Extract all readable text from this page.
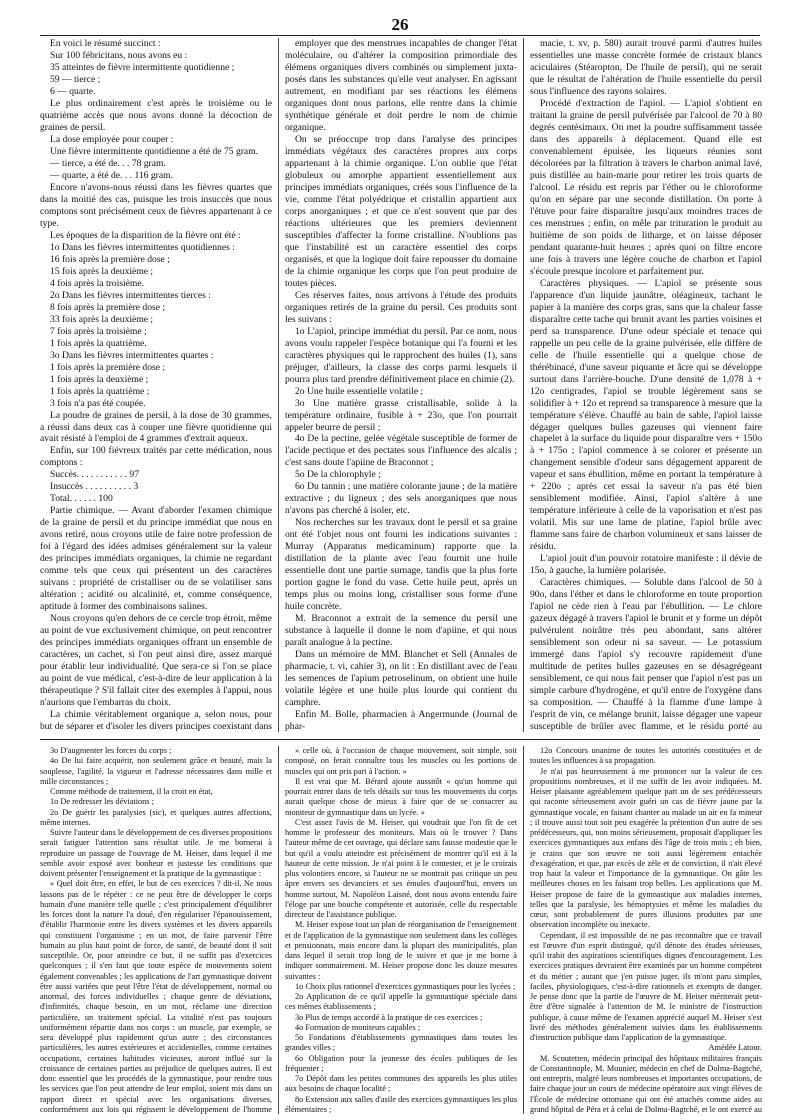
26

En voici le résumé succinct :

Sur 100 fébricitans, nous avons eu :

35 atteintes de fièvre intermittente quotidienne ;

59 — tierce ;

6 — quarte.

Le plus ordinairement c'est après le troisième ou le quatrième accès que nous avons donné la décoction de graines de persil.

La dose employée pour couper :

Une fièvre intermittente quotidienne a été de 75 gram.

— tierce, a été de. . . 78 gram.

— quarte, a été de. . . 116 gram.

Encore n'avons-nous réussi dans les fièvres quartes que dans la moitié des cas, puisque les trois insuccès que nous comptons sont précisément ceux de fièvres appartenant à ce type.

Les époques de la disparition de la fièvre ont été :

1o Dans les fièvres intermittentes quotidiennes :

16 fois après la première dose ;

15 fois après la deuxième ;

4 fois après la troisième.

2o Dans les fièvres intermittentes tierces :

8 fois après la première dose ;

33 fois après la deuxième ;

7 fois après la troisième ;

1 fois après la quatrième.

3o Dans les fièvres intermittentes quartes :

1 fois après la première dose ;

1 fois après la deuxième ;

1 fois après la quatrième ;

3 fois n'a pas été coupée.

La poudre de graines de persil, à la dose de 30 grammes, a réussi dans deux cas à couper une fièvre quotidienne qui avait résisté à l'emploi de 4 grammes d'extrait aqueux.

Enfin, sur 100 fiévreux traités par cette médication, nous comptons :

Succès. . . . . . . . . . . 97

Insuccès . . . . . . . . . . 3

Total. . . . . . 100

Partie chimique. — Avant d'aborder l'examen chimique de la graine de persil et du principe immédiat que nous en avons retiré, nous croyons utile de faire notre profession de foi à l'égard des idées admises généralement sur la valeur des principes immédiats organiques, la chimie ne regardant comme tels que ceux qui présentent un des caractères suivans : propriété de cristalliser ou de se volatiliser sans altération ; acidité ou alcalinité, et, comme conséquence, aptitude à former des combinaisons salines.

Nous croyons qu'en dehors de ce cercle trop étroit, même au point de vue exclusivement chimique, on peut rencontrer des principes immédiats organiques offrant un ensemble de caractères, un cachet, si l'on peut ainsi dire, assez marqué pour établir leur individualité. Que sera-ce si l'on se place au point de vue médical, c'est-à-dire de leur application à la thérapeutique ? S'il fallait citer des exemples à l'appui, nous n'aurions que l'embarras du choix.

La chimie véritablement organique a, selon nous, pour but de séparer et d'isoler les divers principes coexistant dans

employer que des menstrues incapables de changer l'état moléculaire, ou d'altérer la composition primordiale des élémens organiques divers combinés ou simplement juxta-posés dans les substances qu'elle veut analyser. En agissant autrement, en modifiant par ses réactions les élémens organiques dont nous parlons, elle rentre dans la chimie synthétique générale et doit perdre le nom de chimie organique.

On se préoccupe trop dans l'analyse des principes immédiats végétaux des caractères propres aux corps appartenant à la chimie organique. L'on oublie que l'état globuleux ou amorphe appartient essentiellement aux principes immédiats organiques, créés sous l'influence de la vie, comme l'état polyédrique et cristallin appartient aux corps anorganiques ; et que ce n'est souvent que par des réactions ultérieures que les premiers deviennent susceptibles d'affecter la forme cristalline. N'oublions pas que l'instabilité est un caractère essentiel des corps organisés, et que la logique doit faire repousser du domaine de la chimie organique les corps que l'on peut produire de toutes pièces.

Ces réserves faites, nous arrivons à l'étude des produits organiques retirés de la graine du persil. Ces produits sont les suivans :

1o L'apiol, principe immédiat du persil. Par ce nom, nous avons voulu rappeler l'espèce botanique qui l'a fourni et les caractères physiques qui le rapprochent des huiles (1), sans préjuger, d'ailleurs, la classe des corps parmi lesquels il pourra plus tard prendre définitivement place en chimie (2).

2o Une huile essentielle volatile ;

3o Une matière grasse cristallisable, solide à la température ordinaire, fusible à + 23o, que l'on pourrait appeler beurre de persil ;

4o De la pectine, gelée végétale susceptible de former de l'acide pectique et des pectates sous l'influence des alcalis ; c'est sans doute l'apiine de Braconnot ;

5o De la chlorophyle ;

6o Du tannin ; une matière colorante jaune ; de la matière extractive ; du ligneux ; des sels anorganiques que nous n'avons pas cherché à isoler, etc.

Nos recherches sur les travaux dont le persil et sa graine ont été l'objet nous ont fourni les indications suivantes : Murray (Apparatus medicaminum) rapporte que la distillation de la plante avec l'eau fournit une huile essentielle dont une partie surnage, tandis que la plus forte portion gagne le fond du vase. Cette huile peut, après un temps plus ou moins long, cristalliser sous forme d'une huile concrète.

M. Braconnot a extrait de la semence du persil une substance à laquelle il donne le nom d'apiine, et qui nous paraît analogue à la pectine.

Dans un mémoire de MM. Blanchet et Sell (Annales de pharmacie, t. vi, cahier 3), on lit : En distillant avec de l'eau les semences de l'apium petroselinum, on obtient une huile volatile légère et une huile plus lourde qui contient du camphre.

Enfin M. Bolle, pharmacien à Angermunde (Journal de phar-

macie, t. xv, p. 580) aurait trouvé parmi d'autres huiles essentielles une masse concrète formée de cristaux blancs aciculaires (Stéaropton, De l'huile de persil), qui ne serait que le résultat de l'altération de l'huile essentielle du persil sous l'influence des rayons solaires.

Procédé d'extraction de l'apiol. — L'apiol s'obtient en traitant la graine de persil pulvérisée par l'alcool de 70 à 80 degrés centésimaux. On met la poudre suffisamment tassée dans des appareils à déplacement. Quand elle est convenablement épuisée, les liqueurs réunies sont décolorées par la filtration à travers le charbon animal lavé, puis distillée au bain-marie pour retirer les trois quarts de l'alcool. Le résidu est repris par l'éther ou le chloroforme qu'on en sépare par une seconde distillation. On porte à l'étuve pour faire disparaître jusqu'aux moindres traces de ces menstrues ; enfin, on mêle par trituration le produit au huitième de son poids de litharge, et on laisse déposer pendant quarante-huit heures ; après quoi on filtre encore une fois à travers une légère couche de charbon et l'apiol s'écoule presque incolore et parfaitement pur.

Caractères physiques. — L'apiol se présente sous l'apparence d'un liquide jaunâtre, oléagineux, tachant le papier à la manière des corps gras, sans que la chaleur fasse disparaître cette tache qui brunit avant les parties voisines et perd sa transparence. D'une odeur spéciale et tenace qui rappelle un peu celle de la graine pulvérisée, elle diffère de celle de l'huile essentielle qui a quelque chose de thérébinacé, d'une saveur piquante et âcre qui se développe surtout dans l'arrière-bouche. D'une densité de 1,078 à + 12o centigrades, l'apiol se trouble légèrement sans se solidifier à + 12o et reprend sa transparence à mesure que la température s'élève. Chauffé au bain de sable, l'apiol laisse dégager quelques bulles gazeuses qui viennent faire chapelet à la surface du liquide pour disparaître vers + 150o à + 175o ; l'apiol commence à se colorer et présente un changement sensible d'odeur sans dégagement apparent de vapeur et sans ébullition, même en portant la température à + 220o ; après cet essai la saveur n'a pas été bien sensiblement modifiée. Ainsi, l'apiol s'altère à une température inférieure à celle de la vaporisation et n'est pas volatil. Mis sur une lame de platine, l'apiol brûle avec flamme sans faire de charbon volumineux et sans laisser de résidu.

L'apiol jouit d'un pouvoir rotatoire manifeste : il dévie de 15o, à gauche, la lumière polarisée.

Caractères chimiques. — Soluble dans l'alcool de 50 à 90o, dans l'éther et dans le chloroforme en toute proportion l'apiol ne cède rien à l'eau par l'ébullition. — Le chlore gazeux dégagé à travers l'apiol le brunit et y forme un dépôt pulvérulent noirâtre très peu abondant, sans altérer sensiblement son odeur ni sa saveur. — Le potassium immergé dans l'apiol s'y recouvre rapidement d'une multitude de petites bulles gazeuses en se désagrégeant sensiblement, ce qui nous fait penser que l'apiol n'est pas un simple carbure d'hydrogène, et qu'il entre de l'oxygène dans sa composition. — Chauffé à la flamme d'une lampe à l'esprit de vin, ce mélange brunit, laisse dégager une vapeur susceptible de brûler avec flamme, et le résidu porté au

3o D'augmenter les forces du corps ;

4o De lui faire acquérir, non seulement grâce et beauté, mais la souplesse, l'agilité, la vigueur et l'adresse nécessaires dans mille et mille circonstances ;

Comme méthode de traitement, il la croit en état,

1o De redresser les déviations ;

2o De guérir les paralysies (sic), et quelques autres affections, même internes.

Suivre l'auteur dans le développement de ces diverses propositions serait fatiguer l'attention sans résultat utile. Je me bornerai à reproduire un passage de l'ouvrage de M. Heiser, dans lequel il me semble avoir exposé avec bonheur et justesse les conditions que doivent présenter l'enseignement et la pratique de la gymnastique :

« Quel doit être, en effet, le but de ces exercices ? dit-il. Ne nous lassons pas de le répéter : ce ne peut être de développer le corps humain d'une manière telle quelle ; c'est principalement d'équilibrer les forces dont la nature l'a doué, d'en régulariser l'épanouissement, d'établir l'harmonie entre les divers systèmes et les divers appareils qui constituent l'organisme ; en un mot, de faire parvenir l'être humain au plus haut point de force, de santé, de beauté dont il soit susceptible. Or, pour atteindre ce but, il ne suffit pas d'exercices quelconques ; il s'en faut que toute espèce de mouvements soient également convenables ; les applications de l'art gymnastique doivent être aussi variées que peut l'être l'état de développement, normal ou anormal, des forces individuelles ; chaque genre de déviations, d'infirmités, chaque besoin, en un mot, réclame une direction particulière, un traitement spécial. La vitalité n'est pas toujours uniformément répartie dans nos corps : un muscle, par exemple, se sera développé plus rapidement qu'un autre ; des circonstances particulières, les autres extérieures et accidentelles, comme certaines occupations, certaines habitudes vicieuses, auront influé sur la croissance de certaines parties au préjudice de quelques autres. Il est donc essentiel que les procédés de la gymnastique, pour rendre tous les services que l'on peut attendre de leur emploi, soient mis dans un rapport direct et spécial avec les organisations diverses, conformément aux lois qui régissent le développement de l'homme

» celle où, à l'occasion de chaque mouvement, soit simple, soit composé, on ferait connaître tous les muscles ou les portions de muscles qui ont pris part à l'action. »

Il est vrai que M. Bérard ajoute aussitôt « qu'un homme qui pourrait entrer dans de tels détails sur tous les mouvements du corps aurait quelque chose de mieux à faire que de se consacrer au moniteur de gymnastique dans un lycée. »

C'est assez l'avis de M. Heiser, qui voudrait que l'on fît de cet homme le professeur des moniteurs. Mais où le trouver ? Dans l'auteur même de cet ouvrage, qui déclare sans fausse modestie que le but qu'il a voulu atteindre est précisément de montrer qu'il est à la hauteur de cette mission. Je n'ai point à le contester, et je le croirais plus volontiers encore, si l'auteur ne se montrait pas critique un peu âpre envers ses devanciers et ses émules d'aujourd'hui, envers un homme surtout, M. Napoléon Laisné, dont nous avons entendu faire l'éloge par une bouche compétente et autorisée, celle du respectable directeur de l'assistance publique.

M. Heiser expose tout un plan de réorganisation de l'enseignement et de l'application de la gymnastique non seulement dans les collèges et pensionnats, mais encore dans la plupart des municipalités, plan dans lequel il serait trop long de le suivre et que je me borne à indiquer sommairement. M. Heiser propose donc les douze mesures suivantes :

1o Choix plus rationnel d'exercices gymnastiques pour les lycées ;

2o Application de ce qu'il appelle la gymnastique spéciale dans ces mêmes établissements ;

3o Plus de temps accordé à la pratique de ces exercices ;

4o Formation de moniteurs capables ;

5o Fondations d'établissements gymnastiques dans toutes les grandes villes ;

6o Obligation pour la jeunesse des écoles publiques de les fréquenter ;

7o Dépôt dans les petites communes des appareils les plus utiles aux besoins de chaque localité ;

8o Extension aux salles d'asile des exercices gymnastiques les plus élémentaires ;

12o Concours unanime de toutes les autorités constituées et de toutes les influences à sa propagation.

Je n'ai pas heureusement à me prononcer sur la valeur de ces propositions nombreuses, et il me suffit de les avoir indiquées. M. Heiser plaisante agréablement quelque part un de ses prédécesseurs qui raconte sérieusement avoir guéri un cas de fièvre jaune par la gymnastique vocale, en faisant chanter au malade un air en fa mineur ; il trouve aussi tout soit peu exagérée la prétention d'un autre de ses prédécesseurs, qui, non moins sérieusement, proposait d'appliquer les exercices gymnastiques aux enfans dès l'âge de trois mois ; eh bien, je crains que son œuvre ne soit aussi légèrement entachée d'exagération, et que, par excès de zèle et de conviction, il n'ait élevé trop haut la valeur et l'importance de la gymnastique. On gâte les meilleures choses en les faisant trop belles. Les applications que M. Heiser propose de faire de la gymnastique aux maladies internes, telles que la paralysie, les hémoptysies et même les maladies du cœur, sont probablement de pures illusions produites par une observation incomplète ou inexacte.

Cependant, il est impossible de ne pas reconnaître que ce travail est l'œuvre d'un esprit distingué, qu'il dénote des études sérieuses, qu'il trahit des aspirations scientifiques dignes d'encouragement. Les exercices pratiques devraient être examinés par un homme compétent et du métier ; autant que j'en puisse juger, ils m'ont paru simples, faciles, physiologiques, c'est-à-dire rationnels et exempts de danger. Je pense donc que la partie de l'œuvre de M. Heiser mériterait peut-être d'être signalée à l'attention de M. le ministre de l'instruction publique, à cause même de l'examen apprécié auquel M. Heiser s'est livré des méthodes généralement suivies dans les établissements d'instruction publique dans l'application de la gymnastique.

Amédée Latour.

M. Scoutetten, médecin principal des hôpitaux militaires français de Constantinople, M. Mounier, médecin en chef de Dolma-Bagtché, ont entrepris, malgré leurs nombreuses et importantes occupations, de faire chaque jour un cours de médecine opératoire aux vingt élèves de l'École de médecine ottomane qui ont été attachés comme aides au grand hôpital de Péra et à celui de Dolma-Bagtché, et le ont exercé au
